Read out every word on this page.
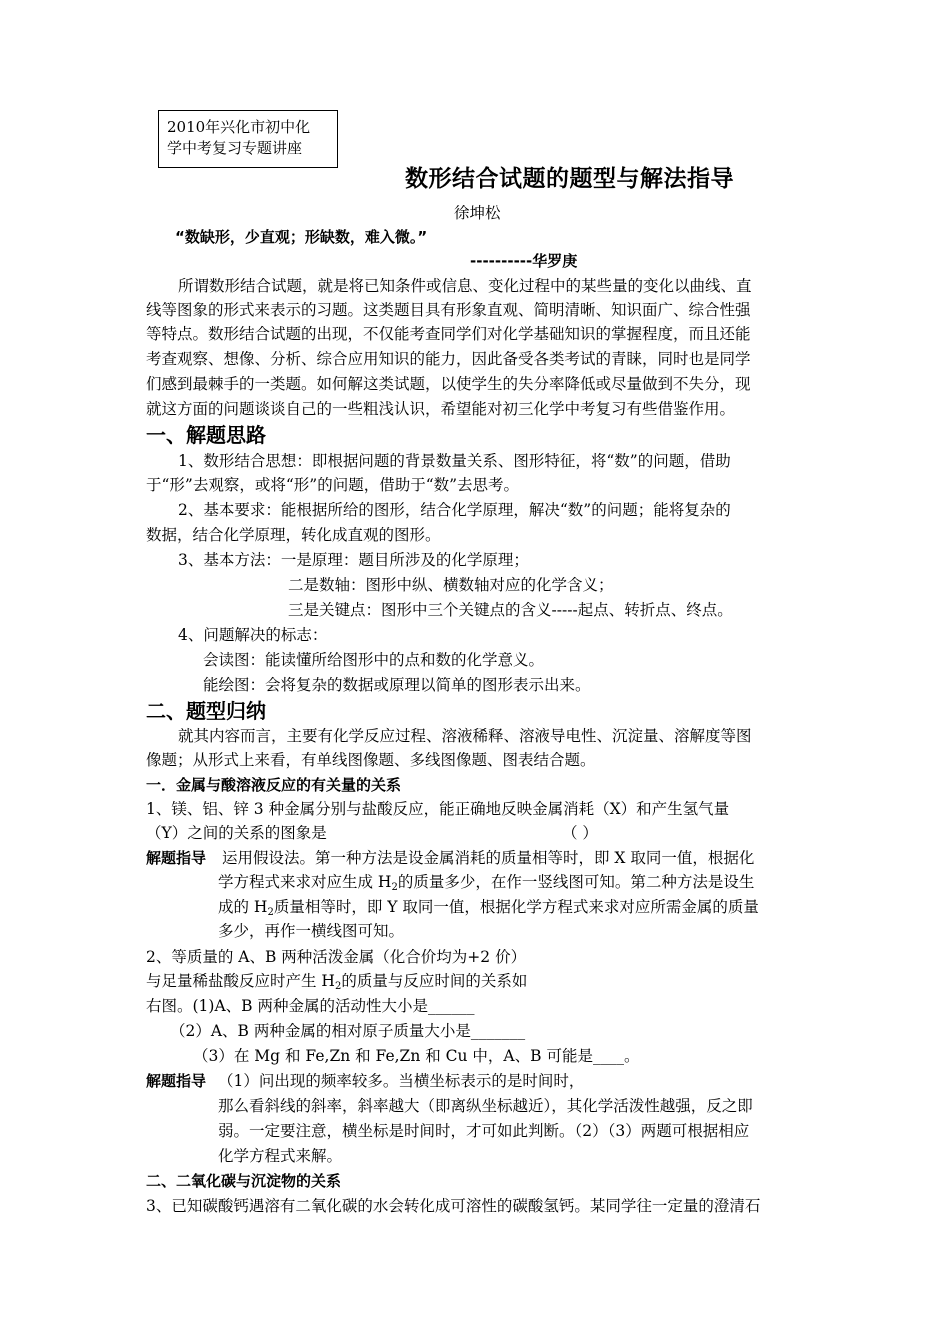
2010年兴化市初中化
学中考复习专题讲座
数形结合试题的题型与解法指导
徐坤松
“数缺形，少直观；形缺数，难入微。”
----------华罗庚
所谓数形结合试题，就是将已知条件或信息、变化过程中的某些量的变化以曲线、直
线等图象的形式来表示的习题。这类题目具有形象直观、简明清晰、知识面广、综合性强
等特点。数形结合试题的出现，不仅能考查同学们对化学基础知识的掌握程度，而且还能
考查观察、想像、分析、综合应用知识的能力，因此备受各类考试的青睐，同时也是同学
们感到最棘手的一类题。如何解这类试题，以使学生的失分率降低或尽量做到不失分，现
就这方面的问题谈谈自己的一些粗浅认识，希望能对初三化学中考复习有些借鉴作用。
一、解题思路
1、数形结合思想：即根据问题的背景数量关系、图形特征，将“数”的问题，借助
于“形”去观察，或将“形”的问题，借助于“数”去思考。
2、基本要求：能根据所给的图形，结合化学原理，解决“数”的问题；能将复杂的
数据，结合化学原理，转化成直观的图形。
3、基本方法：一是原理：题目所涉及的化学原理；
二是数轴：图形中纵、横数轴对应的化学含义；
三是关键点：图形中三个关键点的含义-----起点、转折点、终点。
4、问题解决的标志：
会读图：能读懂所给图形中的点和数的化学意义。
能绘图：会将复杂的数据或原理以简单的图形表示出来。
二、题型归纳
就其内容而言，主要有化学反应过程、溶液稀释、溶液导电性、沉淀量、溶解度等图
像题；从形式上来看，有单线图像题、多线图像题、图表结合题。
一．金属与酸溶液反应的有关量的关系
1、镁、铝、锌 3 种金属分别与盐酸反应，能正确地反映金属消耗（X）和产生氢气量
（Y）之间的关系的图象是	（ ）
解题指导 运用假设法。第一种方法是设金属消耗的质量相等时，即 X 取同一值，根据化
学方程式来求对应生成 $H_2$的质量多少，在作一竖线图可知。第二种方法是设生
成的 $H_2$质量相等时，即 Y 取同一值，根据化学方程式来求对应所需金属的质量
多少，再作一横线图可知。
2、等质量的 A、B 两种活泼金属（化合价均为+2 价）
与足量稀盐酸反应时产生 $H_2$的质量与反应时间的关系如
右图。(1)A、B 两种金属的活动性大小是______
（2）A、B 两种金属的相对原子质量大小是_______
（3）在 Mg 和 Fe,Zn 和 Fe,Zn 和 Cu 中，A、B 可能是____。
解题指导 （1）问出现的频率较多。当横坐标表示的是时间时，
那么看斜线的斜率，斜率越大（即离纵坐标越近），其化学活泼性越强，反之即
弱。一定要注意，横坐标是时间时，才可如此判断。（2）（3）两题可根据相应
化学方程式来解。
二、二氧化碳与沉淀物的关系
3、已知碳酸钙遇溶有二氧化碳的水会转化成可溶性的碳酸氢钙。某同学往一定量的澄清石
